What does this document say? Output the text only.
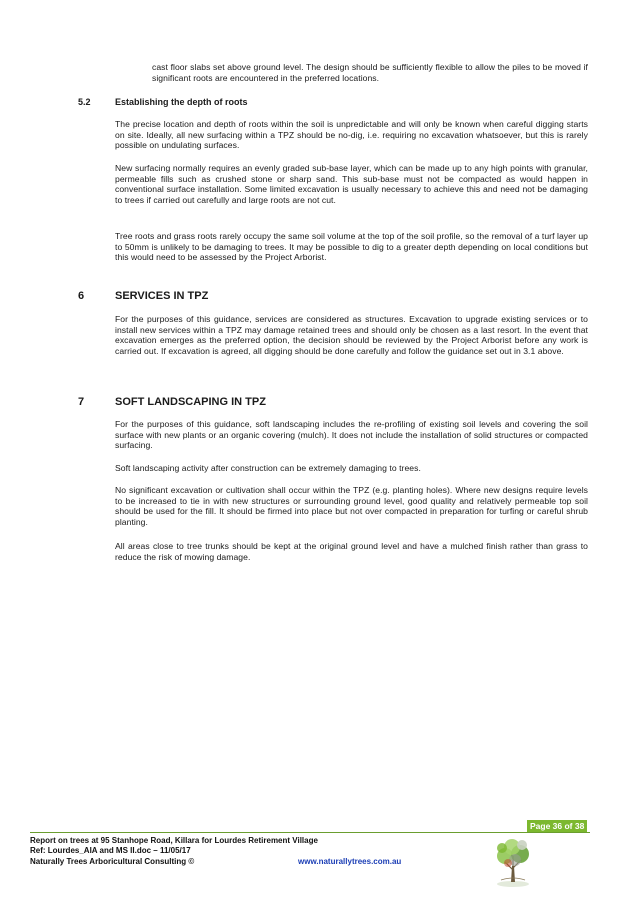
cast floor slabs set above ground level. The design should be sufficiently flexible to allow the piles to be moved if significant roots are encountered in the preferred locations.

5.2	Establishing the depth of roots

The precise location and depth of roots within the soil is unpredictable and will only be known when careful digging starts on site. Ideally, all new surfacing within a TPZ should be no-dig, i.e. requiring no excavation whatsoever, but this is rarely possible on undulating surfaces.

New surfacing normally requires an evenly graded sub-base layer, which can be made up to any high points with granular, permeable fills such as crushed stone or sharp sand. This sub-base must not be compacted as would happen in conventional surface installation. Some limited excavation is usually necessary to achieve this and need not be damaging to trees if carried out carefully and large roots are not cut.

Tree roots and grass roots rarely occupy the same soil volume at the top of the soil profile, so the removal of a turf layer up to 50mm is unlikely to be damaging to trees. It may be possible to dig to a greater depth depending on local conditions but this would need to be assessed by the Project Arborist.

6	SERVICES IN TPZ

For the purposes of this guidance, services are considered as structures. Excavation to upgrade existing services or to install new services within a TPZ may damage retained trees and should only be chosen as a last resort. In the event that excavation emerges as the preferred option, the decision should be reviewed by the Project Arborist before any work is carried out. If excavation is agreed, all digging should be done carefully and follow the guidance set out in 3.1 above.

7	SOFT LANDSCAPING IN TPZ

For the purposes of this guidance, soft landscaping includes the re-profiling of existing soil levels and covering the soil surface with new plants or an organic covering (mulch). It does not include the installation of solid structures or compacted surfacing.

Soft landscaping activity after construction can be extremely damaging to trees.

No significant excavation or cultivation shall occur within the TPZ (e.g. planting holes). Where new designs require levels to be increased to tie in with new structures or surrounding ground level, good quality and relatively permeable top soil should be used for the fill. It should be firmed into place but not over compacted in preparation for turfing or careful shrub planting.

All areas close to tree trunks should be kept at the original ground level and have a mulched finish rather than grass to reduce the risk of mowing damage.

Page 36 of 38
Report on trees at 95 Stanhope Road, Killara for Lourdes Retirement Village
Ref: Lourdes_AIA and MS II.doc – 11/05/17
Naturally Trees Arboricultural Consulting ©	www.naturallytrees.com.au
